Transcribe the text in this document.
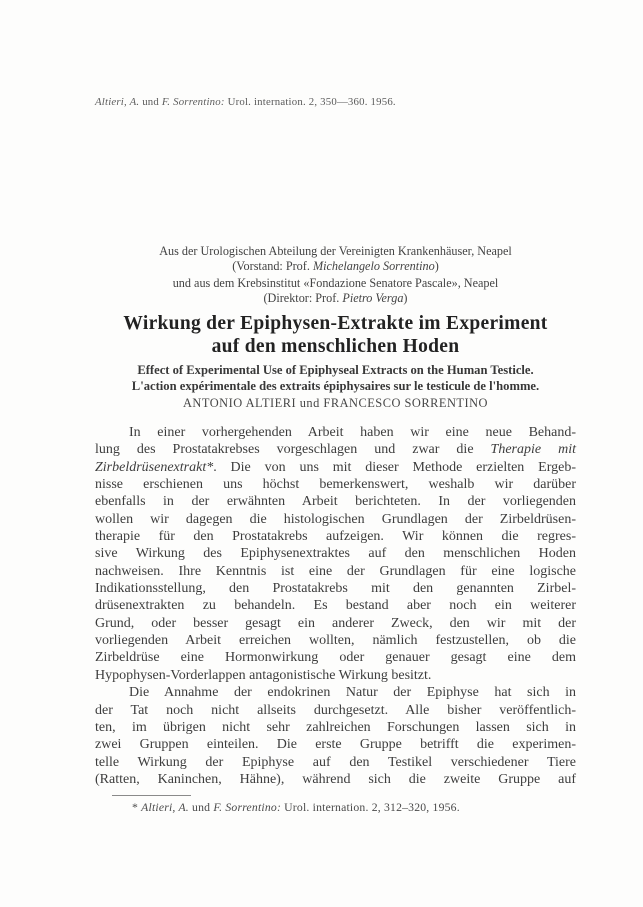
Altieri, A. und F. Sorrentino: Urol. internation. 2, 350—360. 1956.
Aus der Urologischen Abteilung der Vereinigten Krankenhäuser, Neapel
(Vorstand: Prof. Michelangelo Sorrentino)
und aus dem Krebsinstitut «Fondazione Senatore Pascale», Neapel
(Direktor: Prof. Pietro Verga)
Wirkung der Epiphysen-Extrakte im Experiment
auf den menschlichen Hoden
Effect of Experimental Use of Epiphyseal Extracts on the Human Testicle.
L'action expérimentale des extraits épiphysaires sur le testicule de l'homme.
ANTONIO ALTIERI und FRANCESCO SORRENTINO
In einer vorhergehenden Arbeit haben wir eine neue Behand-
lung des Prostatakrebses vorgeschlagen und zwar die Therapie mit
Zirbeldrüsenextrakt*. Die von uns mit dieser Methode erzielten Ergeb-
nisse erschienen uns höchst bemerkenswert, weshalb wir darüber
ebenfalls in der erwähnten Arbeit berichteten. In der vorliegenden
wollen wir dagegen die histologischen Grundlagen der Zirbeldrüsen-
therapie für den Prostatakrebs aufzeigen. Wir können die regres-
sive Wirkung des Epiphysenextraktes auf den menschlichen Hoden
nachweisen. Ihre Kenntnis ist eine der Grundlagen für eine logische
Indikationsstellung, den Prostatakrebs mit den genannten Zirbel-
drüsenextrakten zu behandeln. Es bestand aber noch ein weiterer
Grund, oder besser gesagt ein anderer Zweck, den wir mit der
vorliegenden Arbeit erreichen wollten, nämlich festzustellen, ob die
Zirbeldrüse eine Hormonwirkung oder genauer gesagt eine dem
Hypophysen-Vorderlappen antagonistische Wirkung besitzt.
Die Annahme der endokrinen Natur der Epiphyse hat sich in
der Tat noch nicht allseits durchgesetzt. Alle bisher veröffentlich-
ten, im übrigen nicht sehr zahlreichen Forschungen lassen sich in
zwei Gruppen einteilen. Die erste Gruppe betrifft die experimen-
telle Wirkung der Epiphyse auf den Testikel verschiedener Tiere
(Ratten, Kaninchen, Hähne), während sich die zweite Gruppe auf
* Altieri, A. und F. Sorrentino: Urol. internation. 2, 312–320, 1956.
